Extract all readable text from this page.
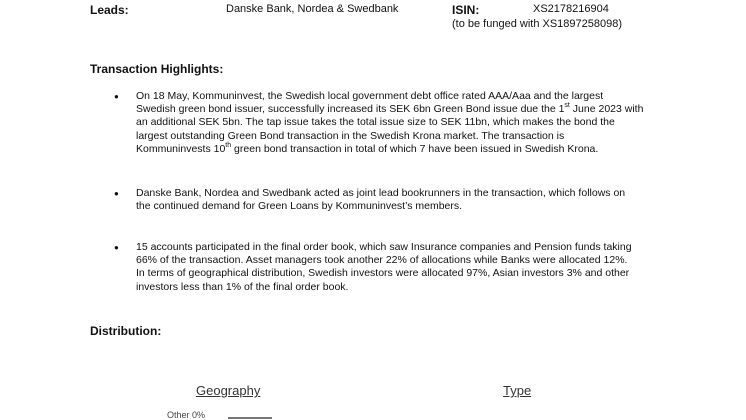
Leads:	Danske Bank, Nordea & Swedbank	ISIN:	XS2178216904
(to be funged with XS1897258098)
Transaction Highlights:
● On 18 May, Kommuninvest, the Swedish local government debt office rated AAA/Aaa and the largest
Swedish green bond issuer, successfully increased its SEK 6bn Green Bond issue due the 1st June 2023 with
an additional SEK 5bn. The tap issue takes the total issue size to SEK 11bn, which makes the bond the
largest outstanding Green Bond transaction in the Swedish Krona market. The transaction is
Kommuninvests 10th green bond transaction in total of which 7 have been issued in Swedish Krona.
● Danske Bank, Nordea and Swedbank acted as joint lead bookrunners in the transaction, which follows on
the continued demand for Green Loans by Kommuninvest’s members.
● 15 accounts participated in the final order book, which saw Insurance companies and Pension funds taking
66% of the transaction. Asset managers took another 22% of allocations while Banks were allocated 12%.
In terms of geographical distribution, Swedish investors were allocated 97%, Asian investors 3% and other
investors less than 1% of the final order book.
Distribution:
Geography	Type
Other 0%
